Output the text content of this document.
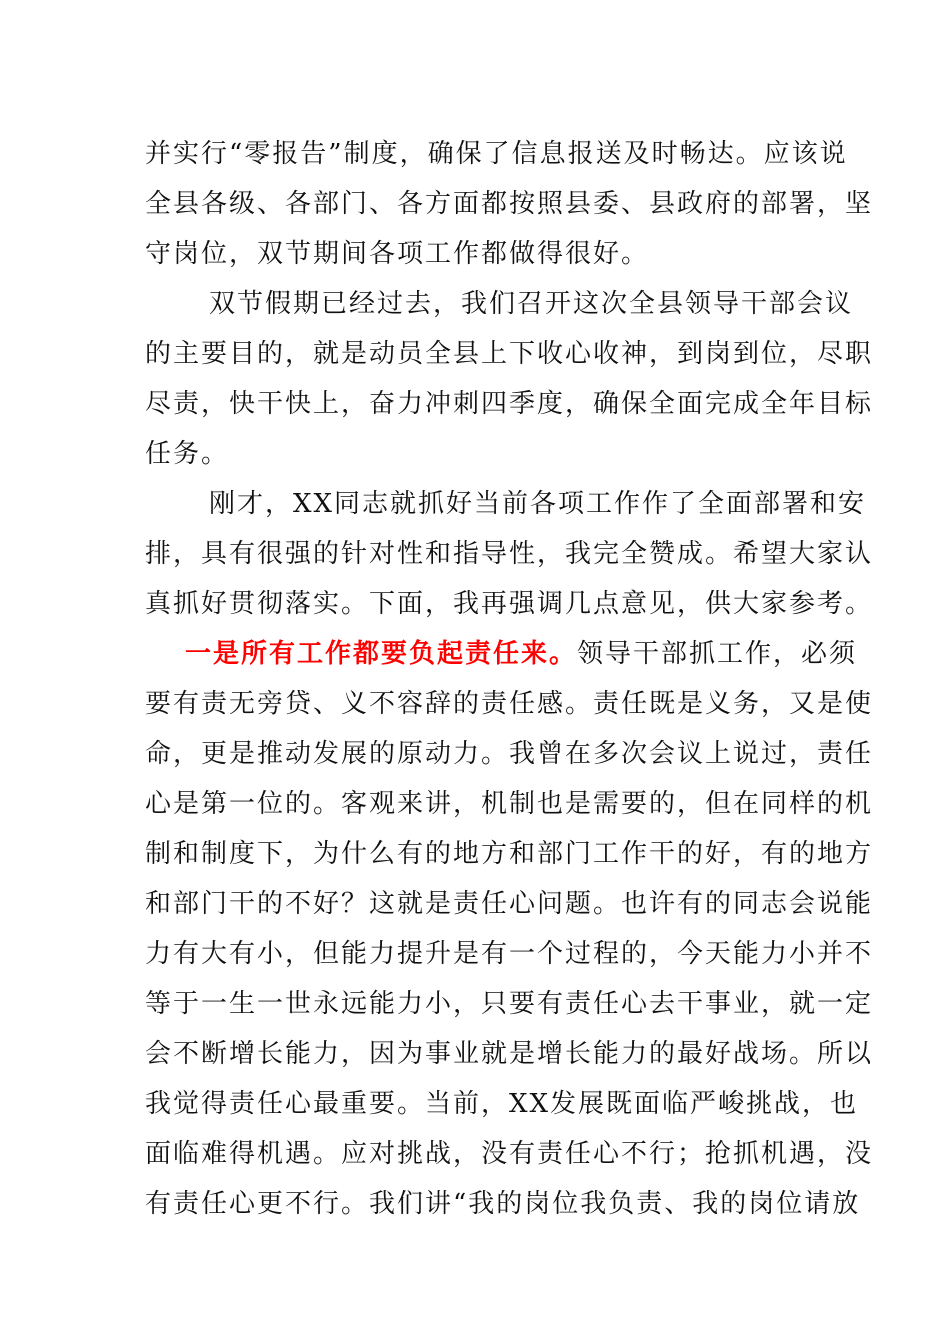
并实行“零报告”制度，确保了信息报送及时畅达。应该说
全县各级、各部门、各方面都按照县委、县政府的部署，坚
守岗位，双节期间各项工作都做得很好。
双节假期已经过去，我们召开这次全县领导干部会议
的主要目的，就是动员全县上下收心收神，到岗到位，尽职
尽责，快干快上，奋力冲刺四季度，确保全面完成全年目标
任务。
刚才，XX同志就抓好当前各项工作作了全面部署和安
排，具有很强的针对性和指导性，我完全赞成。希望大家认
真抓好贯彻落实。下面，我再强调几点意见，供大家参考。
一是所有工作都要负起责任来。领导干部抓工作，必须
要有责无旁贷、义不容辞的责任感。责任既是义务，又是使
命，更是推动发展的原动力。我曾在多次会议上说过，责任
心是第一位的。客观来讲，机制也是需要的，但在同样的机
制和制度下，为什么有的地方和部门工作干的好，有的地方
和部门干的不好？这就是责任心问题。也许有的同志会说能
力有大有小，但能力提升是有一个过程的，今天能力小并不
等于一生一世永远能力小，只要有责任心去干事业，就一定
会不断增长能力，因为事业就是增长能力的最好战场。所以
我觉得责任心最重要。当前，XX发展既面临严峻挑战，也
面临难得机遇。应对挑战，没有责任心不行；抢抓机遇，没
有责任心更不行。我们讲“我的岗位我负责、我的岗位请放
